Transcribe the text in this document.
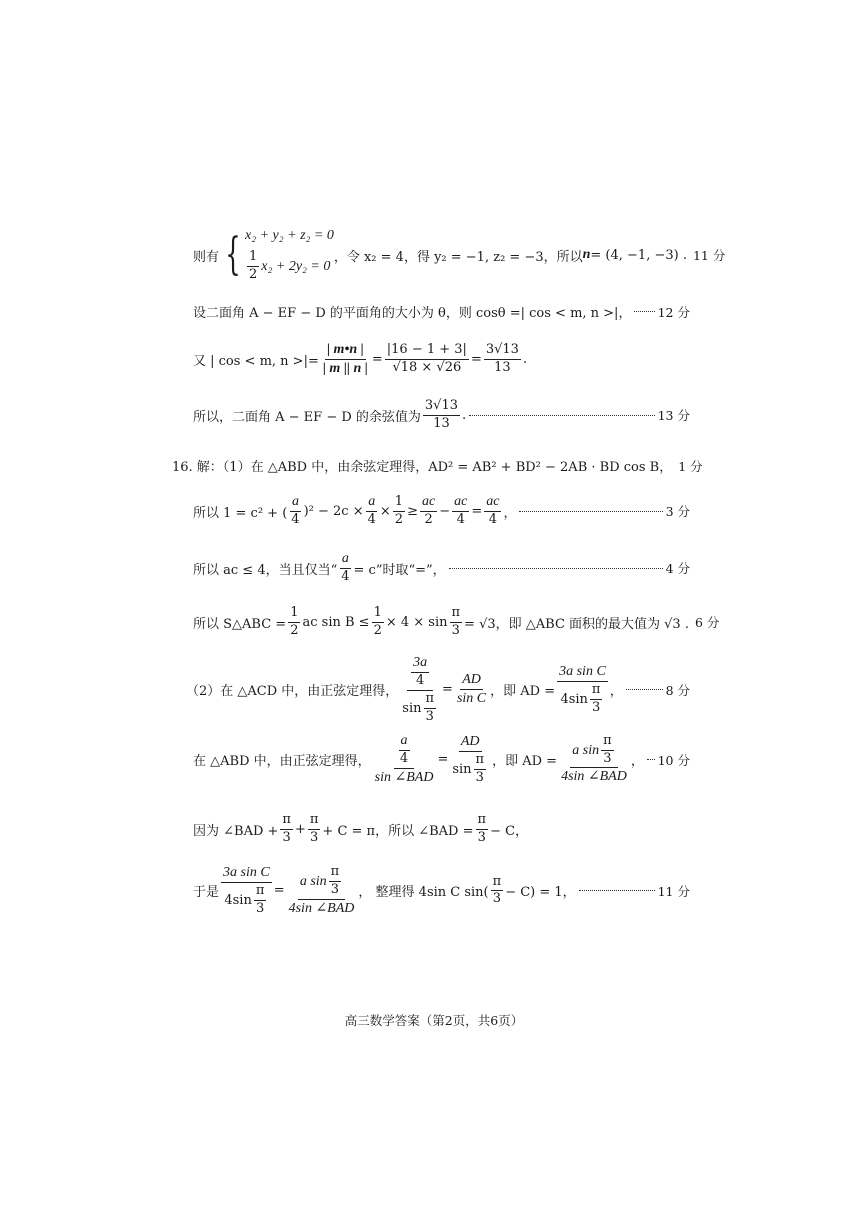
则有 { x₂ + y₂ + z₂ = 0
$\frac{1}{2} x_2 + 2y_2 = 0$
，令 x₂ = 4，得 y₂ = −1, z₂ = −3，所以 n = (4, −1, −3) . 11 分
设二面角 A − EF − D 的平面角的大小为 θ，则 cosθ =| cos < m, n >|， 12 分
又 | cos < m, n >|= $\frac{| m•n |}{| m || n |} = \frac{|16 - 1 + 3|}{√18 \times √26} = \frac{3√13}{13}$ .
所以，二面角 A − EF − D 的余弦值为 $\frac{3√13}{13}$ .	13 分
16. 解：（1）在 △ABD 中，由余弦定理得，AD² = AB² + BD² − 2AB · BD cos B， 1 分
所以 1 = c² + ( $\frac{a}{4} )^2 - 2c \times \frac{a}{4} \times \frac{1}{2} \ge \frac{ac}{2} - \frac{ac}{4} = \frac{ac}{4}$ ，	3 分
所以 ac ≤ 4，当且仅当“ $\frac{a}{4} = c$”时取“=”，	4 分
所以 S△ABC = $\frac{1}{2}$ ac $\sin B \le \frac{1}{2} \times 4 \times \sin \frac{\pi}{3} = √3$，即 △ABC 面积的最大值为 √3 . 6 分
（2）在 △ACD 中，由正弦定理得， $\frac{\frac{3a}{4}}{\sin \frac{\pi}{3}} = \frac{AD}{\text{sin C}}$ ，即 AD = $\frac{\text{3a sin C}}{4\sin \frac{\pi}{3}}$ ，	8 分
在 △ABD 中，由正弦定理得， $\frac{\frac{a}{4}}{\text{sin ∠BAD}} = \frac{AD}{\sin \frac{\pi}{3}}$ ，即 AD = $\frac{a \sin \frac{\pi}{3}}{\text{4sin ∠BAD}}$ ， 10 分
因为 ∠BAD + $\frac{\pi}{3} + \frac{\pi}{3} + C = \pi$，所以 ∠BAD = $\frac{\pi}{3} - C$，
于是 $\frac{\text{3a sin C}}{4\sin \frac{\pi}{3}} = \frac{a \sin \frac{\pi}{3}}{\text{4sin ∠BAD}}$ ， 整理得 4sin C $\sin( \frac{\pi}{3} - C) = 1$，	11 分
高三数学答案（第2页，共6页）
